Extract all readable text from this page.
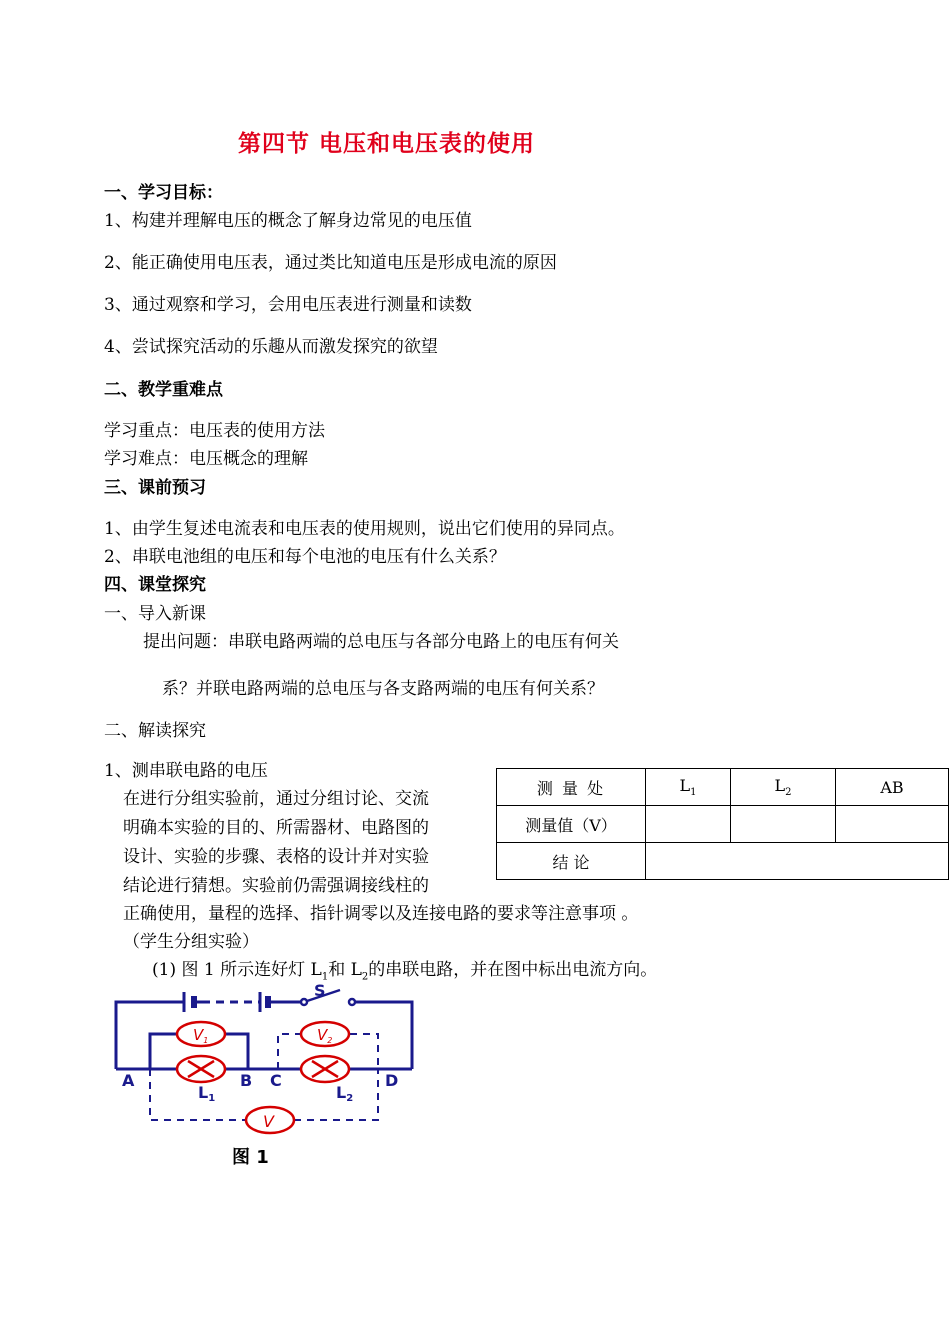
第四节 电压和电压表的使用
一、学习目标：
1、构建并理解电压的概念了解身边常见的电压值
2、能正确使用电压表，通过类比知道电压是形成电流的原因
3、通过观察和学习，会用电压表进行测量和读数
4、尝试探究活动的乐趣从而激发探究的欲望
二、教学重难点
学习重点：电压表的使用方法
学习难点：电压概念的理解
三、课前预习
1、由学生复述电流表和电压表的使用规则，说出它们使用的异同点。
2、串联电池组的电压和每个电池的电压有什么关系？
四、课堂探究
一、导入新课
提出问题：串联电路两端的总电压与各部分电路上的电压有何关
系？并联电路两端的总电压与各支路两端的电压有何关系？
二、解读探究
1、测串联电路的电压
在进行分组实验前，通过分组讨论、交流
明确本实验的目的、所需器材、电路图的
设计、实验的步骤、表格的设计并对实验
结论进行猜想。实验前仍需强调接线柱的
正确使用，量程的选择、指针调零以及连接电路的要求等注意事项 。
（学生分组实验）
(1) 图 1 所示连好灯 $L_1$和 $L_2$的串联电路，并在图中标出电流方向。
测 量 处	$L_1$	$L_2$	AB
测量值（V）			
结 论			
S
$V_1$	$V_2$
V
A	B C	D
L1	L2
图 1
